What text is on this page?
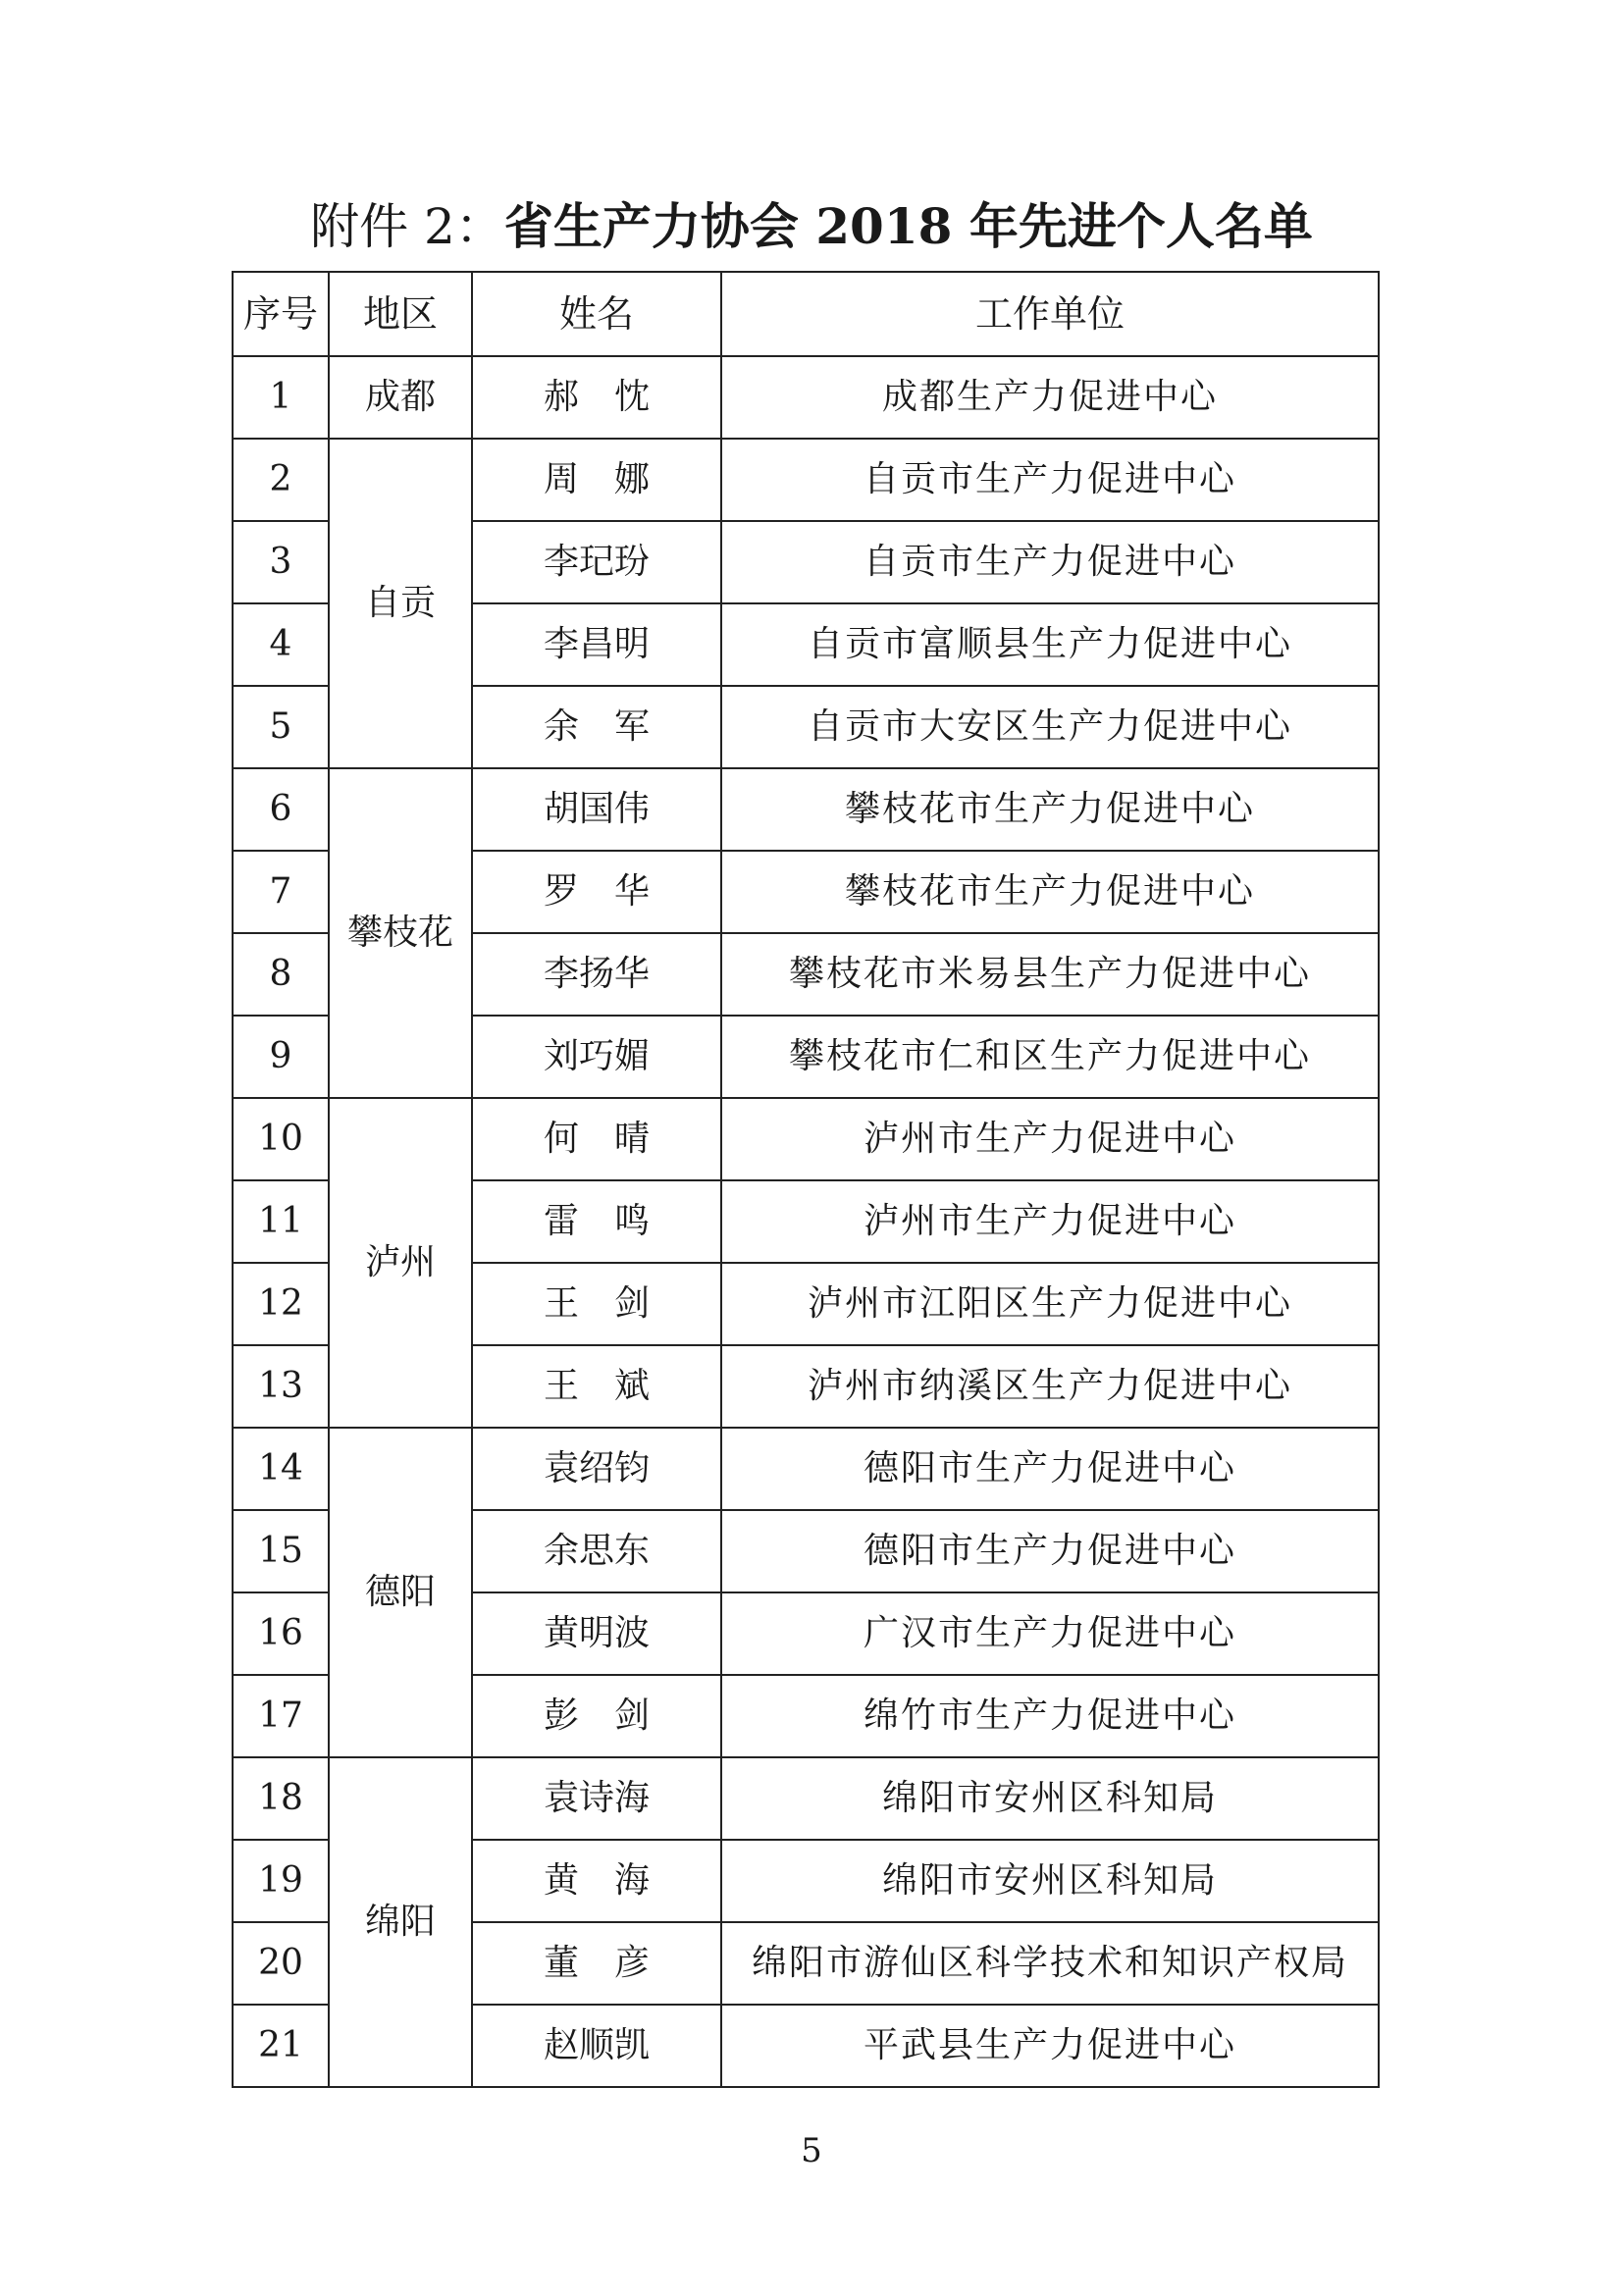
附件 2：省生产力协会 2018 年先进个人名单
序号	地区	姓名	工作单位
1	成都	郝　忱	成都生产力促进中心
2	自贡	周　娜	自贡市生产力促进中心
3		李玘玢	自贡市生产力促进中心
4		李昌明	自贡市富顺县生产力促进中心
5		余　军	自贡市大安区生产力促进中心
6	攀枝花	胡国伟	攀枝花市生产力促进中心
7		罗　华	攀枝花市生产力促进中心
8		李扬华	攀枝花市米易县生产力促进中心
9		刘巧媚	攀枝花市仁和区生产力促进中心
10	泸州	何　晴	泸州市生产力促进中心
11		雷　鸣	泸州市生产力促进中心
12		王　剑	泸州市江阳区生产力促进中心
13		王　斌	泸州市纳溪区生产力促进中心
14	德阳	袁绍钧	德阳市生产力促进中心
15		余思东	德阳市生产力促进中心
16		黄明波	广汉市生产力促进中心
17		彭　剑	绵竹市生产力促进中心
18	绵阳	袁诗海	绵阳市安州区科知局
19		黄　海	绵阳市安州区科知局
20		董　彦	绵阳市游仙区科学技术和知识产权局
21		赵顺凯	平武县生产力促进中心
5
